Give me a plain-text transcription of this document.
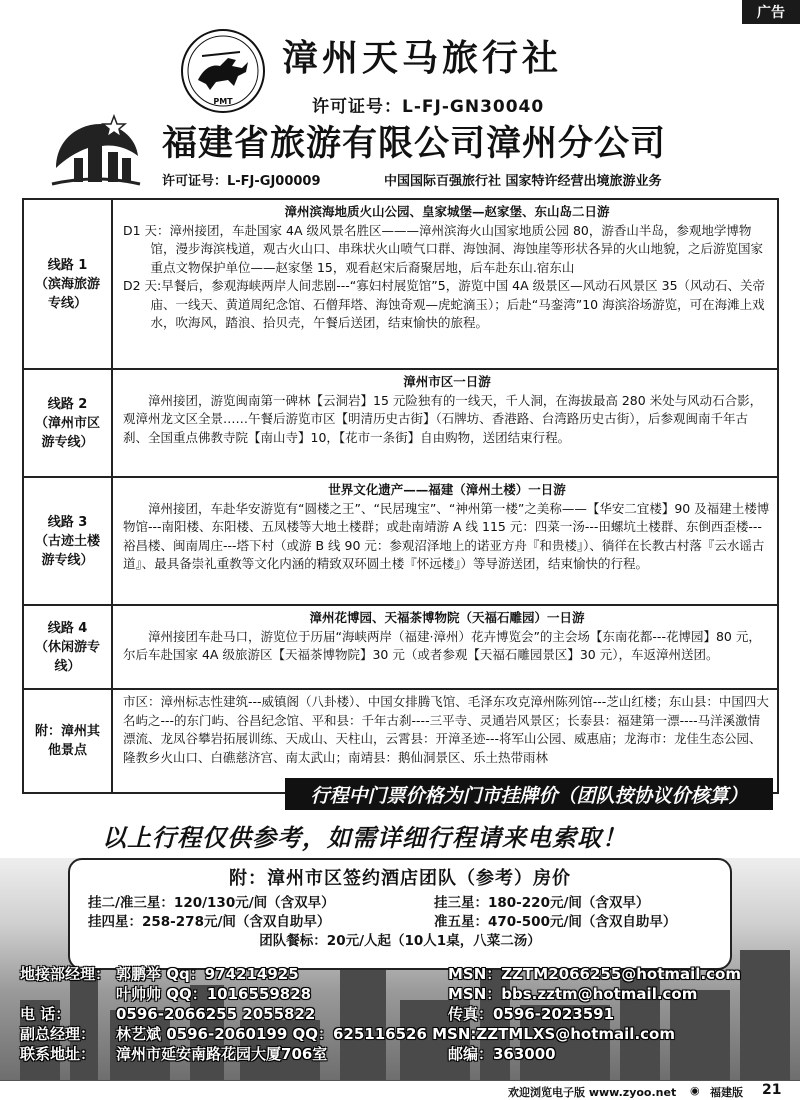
广告
PMT
漳州天马旅行社
许可证号：L-FJ-GN30040
福建省旅游有限公司漳州分公司
许可证号：L-FJ-GJ00009	中国国际百强旅行社 国家特许经营出境旅游业务
线路 1 （滨海旅游专线）
漳州滨海地质火山公园、皇家城堡—赵家堡、东山岛二日游
D1 天：漳州接团，车赴国家 4A 级风景名胜区———漳州滨海火山国家地质公园 80，游香山半岛，参观地学博物馆，漫步海滨栈道，观古火山口、串珠状火山喷气口群、海蚀洞、海蚀崖等形状各异的火山地貌，之后游览国家重点文物保护单位——赵家堡 15，观看赵宋后裔聚居地，后车赴东山.宿东山
D2 天:早餐后，参观海峡两岸人间悲剧---“寡妇村展览馆”5，游览中国 4A 级景区—风动石风景区 35（风动石、关帝庙、一线天、黄道周纪念馆、石僧拜塔、海蚀奇观—虎蛇滴玉）；后赴“马銮湾”10 海滨浴场游览，可在海滩上戏水，吹海风，踏浪、拾贝壳，午餐后送团，结束愉快的旅程。
线路 2 （漳州市区游专线）
漳州市区一日游
漳州接团，游览闽南第一碑林【云洞岩】15 元险独有的一线天，千人洞，在海拔最高 280 米处与风动石合影，观漳州龙文区全景……午餐后游览市区【明清历史古街】（石牌坊、香港路、台湾路历史古街），后参观闽南千年古刹、全国重点佛教寺院【南山寺】10，【花市一条街】自由购物，送团结束行程。
线路 3 （古迹土楼游专线）
世界文化遗产——福建（漳州土楼）一日游
漳州接团，车赴华安游览有“圆楼之王”、“民居瑰宝”、“神州第一楼”之美称——【华安二宜楼】90 及福建土楼博物馆---南阳楼、东阳楼、五凤楼等大地土楼群；或赴南靖游 A 线 115 元：四菜一汤---田螺坑土楼群、东倒西歪楼---裕昌楼、闽南周庄---塔下村（或游 B 线 90 元：参观沼泽地上的诺亚方舟『和贵楼』）、徜徉在长教古村落『云水谣古道』、最具备崇礼重教等文化内涵的精致双环圆土楼『怀远楼』）等导游送团，结束愉快的行程。
线路 4 （休闲游专线）
漳州花博园、天福茶博物院（天福石雕园）一日游
漳州接团车赴马口，游览位于历届“海峡两岸（福建·漳州）花卉博览会”的主会场【东南花都---花博园】80 元，尔后车赴国家 4A 级旅游区【天福茶博物院】30 元（或者参观【天福石雕园景区】30 元），车返漳州送团。
附：漳州其他景点
市区：漳州标志性建筑---威镇阁（八卦楼）、中国女排腾飞馆、毛泽东攻克漳州陈列馆---芝山红楼；东山县：中国四大名屿之---的东门屿、谷昌纪念馆、平和县：千年古刹----三平寺、灵通岩风景区；长泰县：福建第一漂----马洋溪激情漂流、龙凤谷攀岩拓展训练、天成山、天柱山，云霄县：开漳圣迹---将军山公园、威惠庙；龙海市：龙佳生态公园、隆教乡火山口、白礁慈济宫、南太武山；南靖县：鹅仙洞景区、乐土热带雨林
行程中门票价格为门市挂牌价（团队按协议价核算）
以上行程仅供参考，如需详细行程请来电索取！
附：漳州市区签约酒店团队（参考）房价
挂二/准三星：120/130元/间（含双早）	挂三星：180-220元/间（含双早）
挂四星：258-278元/间（含双自助早）	准五星：470-500元/间（含双自助早）
团队餐标：20元/人起（10人1桌，八菜二汤）
地接部经理： 郭鹏举 Qq：974214925	MSN：ZZTM2066255@hotmail.com
叶帅帅 QQ：1016559828	MSN：bbs.zztm@hotmail.com
电 话：	0596-2066255 2055822	传真：0596-2023591
副总经理： 林艺斌 0596-2060199 QQ：625116526 MSN:ZZTMLXS@hotmail.com
联系地址： 漳州市延安南路花园大厦706室	邮编：363000
欢迎浏览电子版 www.zyoo.net ◉ 福建版 21
